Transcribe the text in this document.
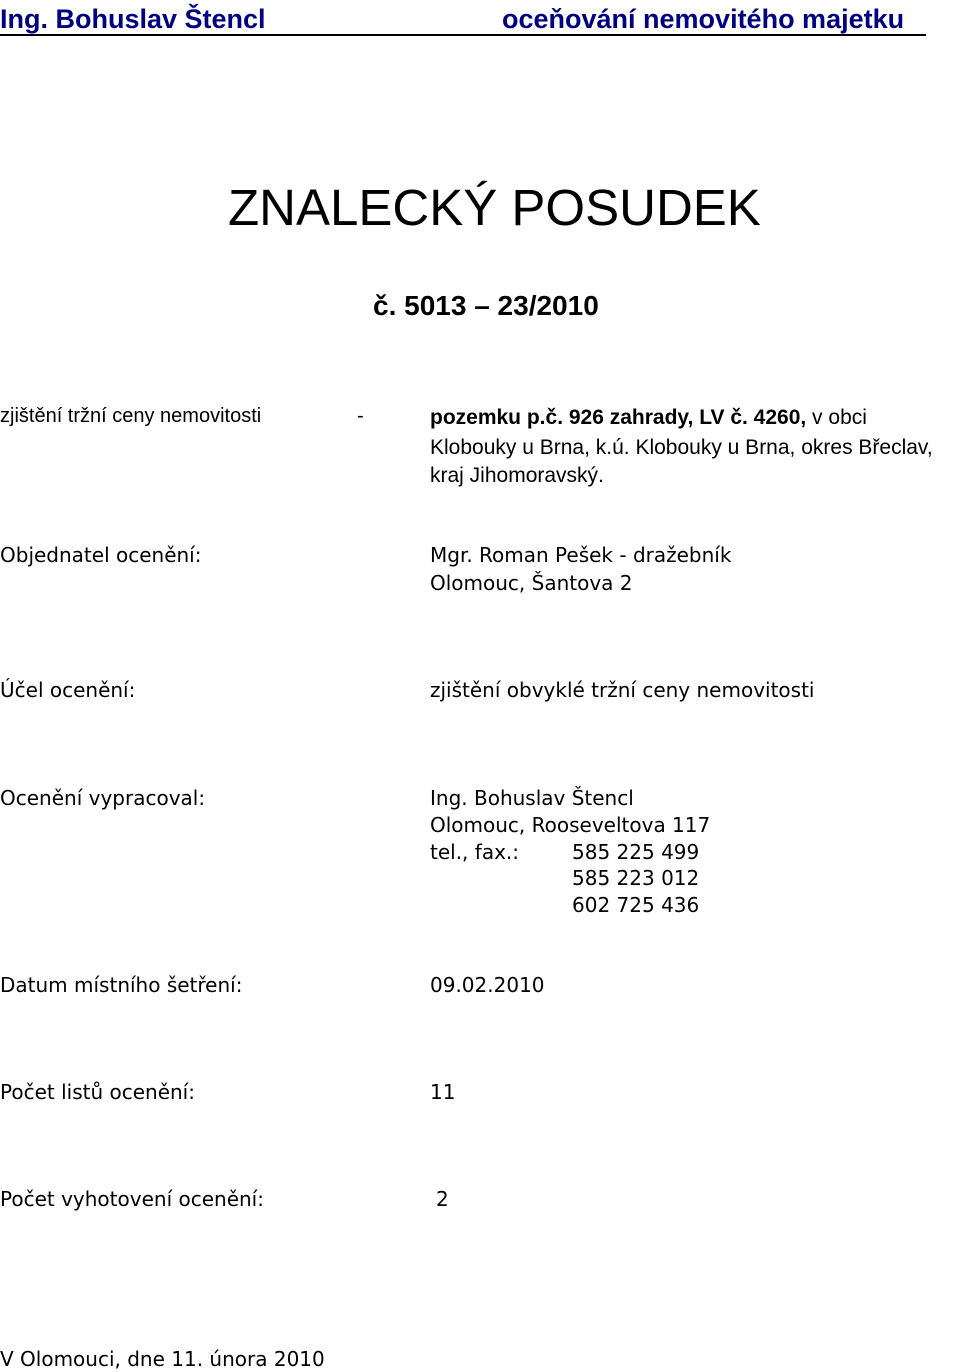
Ing. Bohuslav Štencl	oceňování nemovitého majetku
ZNALECKÝ POSUDEK
č. 5013 – 23/2010
zjištění tržní ceny nemovitosti	-	pozemku p.č. 926 zahrady, LV č. 4260, v obci
Klobouky u Brna, k.ú. Klobouky u Brna, okres Břeclav,
kraj Jihomoravský.
Objednatel ocenění:	Mgr. Roman Pešek - dražebník
Olomouc, Šantova 2
Účel ocenění:	zjištění obvyklé tržní ceny nemovitosti
Ocenění vypracoval:	Ing. Bohuslav Štencl
Olomouc, Rooseveltova 117
tel., fax.:	585 225 499
585 223 012
602 725 436
Datum místního šetření:	09.02.2010
Počet listů ocenění:	11
Počet vyhotovení ocenění:	2
V Olomouci, dne 11. února 2010
